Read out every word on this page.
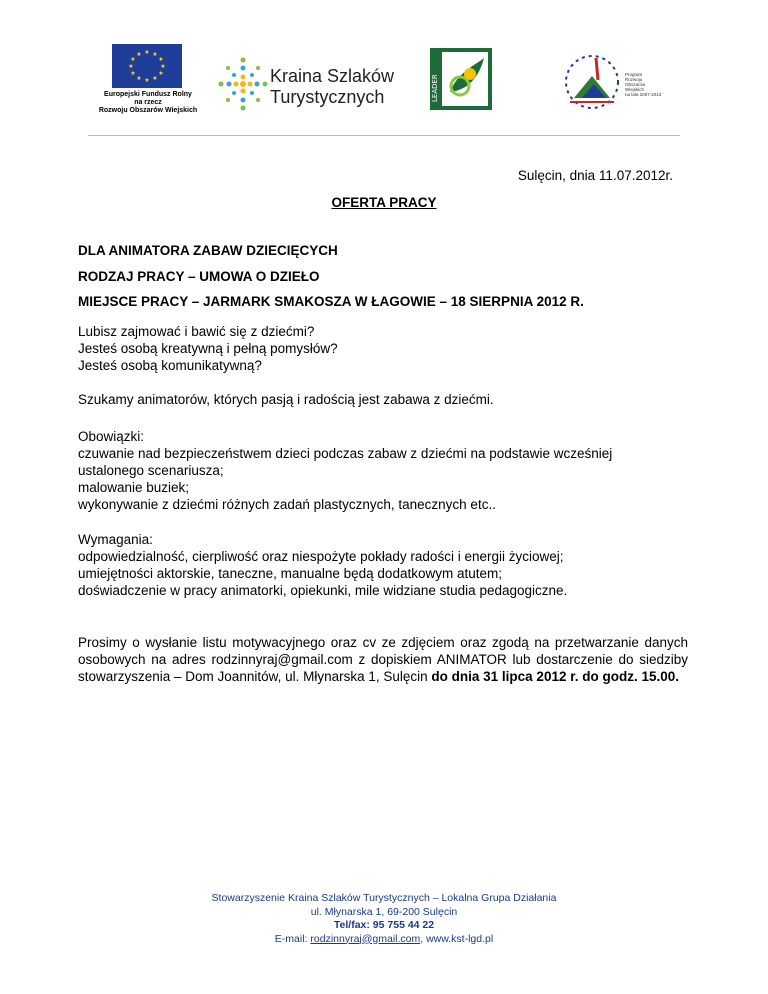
★ ★
★
★
★
★
★
★
★
★
★
★
Europejski Fundusz Rolny
na rzecz
Rozwoju Obszarów Wiejskich
Kraina Szlaków
Turystycznych	LEADER	Program
Rozwoju
Obszarów
Wiejskich
na lata 2007-2013
Sulęcin, dnia 11.07.2012r.
OFERTA PRACY
DLA ANIMATORA ZABAW DZIECIĘCYCH
RODZAJ PRACY – UMOWA O DZIEŁO
MIEJSCE PRACY – JARMARK SMAKOSZA W ŁAGOWIE – 18 SIERPNIA 2012 R.
Lubisz zajmować i bawić się z dziećmi?
Jesteś osobą kreatywną i pełną pomysłów?
Jesteś osobą komunikatywną?
Szukamy animatorów, których pasją i radością jest zabawa z dziećmi.
Obowiązki:
czuwanie nad bezpieczeństwem dzieci podczas zabaw z dziećmi na podstawie wcześniej
ustalonego scenariusza;
malowanie buziek;
wykonywanie z dziećmi różnych zadań plastycznych, tanecznych etc..
Wymagania:
odpowiedzialność, cierpliwość oraz niespożyte pokłady radości i energii życiowej;
umiejętności aktorskie, taneczne, manualne będą dodatkowym atutem;
doświadczenie w pracy animatorki, opiekunki, mile widziane studia pedagogiczne.
Prosimy o wysłanie listu motywacyjnego oraz cv ze zdjęciem oraz zgodą na przetwarzanie danych osobowych na adres rodzinnyraj@gmail.com z dopiskiem ANIMATOR lub dostarczenie do siedziby stowarzyszenia – Dom Joannitów, ul. Młynarska 1, Sulęcin do dnia 31 lipca 2012 r. do godz. 15.00.
Stowarzyszenie Kraina Szlaków Turystycznych – Lokalna Grupa Działania
ul. Młynarska 1, 69-200 Sulęcin
Tel/fax: 95 755 44 22
E-mail: rodzinnyraj@gmail.com, www.kst-lgd.pl
